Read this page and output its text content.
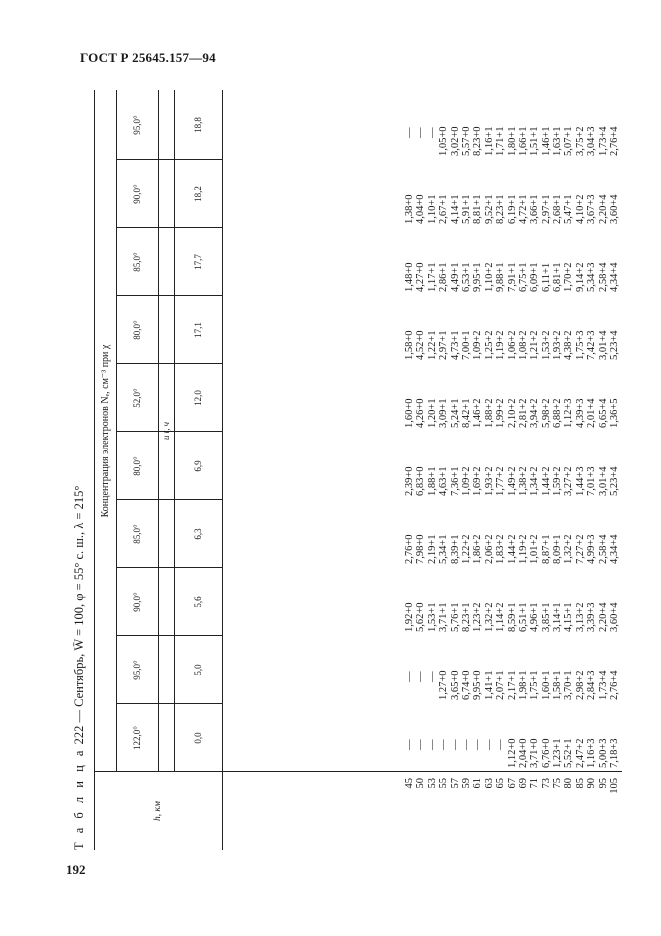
ГОСТ Р 25645.157—94
192
Т а б л и ц а 222 — Сентябрь, W̄ = 100, φ = 55° с. ш., λ = 215°
h, км
Концентрация электронов Nₑ, см⁻³ при χ	и t, ч
122,0°
95,0°
90,0°
85,0°
80,0°
52,0°
80,0°
85,0°
90,0°
95,0°
0,0
5,0
5,6
6,3
6,9
12,0
17,1
17,7
18,2
18,8
45 50 53 55 57 59 61 63 65 67 69 71 73 75 80 85 90 95 105
— — — — — — — — — 1,12+0 2,04+0 3,71+0 6,76+0 1,23+1 5,52+1 2,47+2 1,16+3 5,00+3 7,18+3
— — — 1,27+0 3,65+0 6,74+0 9,95+0 1,41+1 2,07+1 2,17+1 1,98+1 1,75+1 1,60+1 1,58+1 3,70+1 2,98+2 2,84+3 1,73+4 2,76+4
1,92+0 5,62+0 1,53+1 3,71+1 5,76+1 8,23+1 1,23+2 1,32+2 1,14+2 8,59+1 6,51+1 4,96+1 3,85+1 3,14+1 4,15+1 3,13+2 3,39+3 2,20+4 3,60+4
2,76+0 7,98+0 2,19+1 5,34+1 8,39+1 1,22+2 1,86+2 2,06+2 1,83+2 1,44+2 1,19+2 1,01+2 8,87+1 8,09+1 1,32+2 7,27+2 4,99+3 2,58+4 4,34+4
2,39+0 6,83+0 1,88+1 4,63+1 7,36+1 1,09+2 1,69+2 1,93+2 1,77+2 1,49+2 1,38+2 1,34+2 1,44+2 1,59+2 3,27+2 1,44+3 7,01+3 3,01+4 5,23+4
1,60+0 4,26+0 1,20+1 3,09+1 5,24+1 8,42+1 1,46+2 1,88+2 1,99+2 2,10+2 2,81+2 3,94+2 5,98+2 6,88+2 1,12+3 4,39+3 2,01+4 6,65+4 1,36+5
1,58+0 4,52+0 1,22+1 2,97+1 4,73+1 7,00+1 1,09+2 1,25+2 1,19+2 1,06+2 1,08+2 1,21+2 1,53+2 1,93+2 4,38+2 1,75+3 7,42+3 3,01+4 5,23+4
1,48+0 4,27+0 1,17+1 2,86+1 4,49+1 6,53+1 9,95+1 1,10+2 9,88+1 7,91+1 6,75+1 6,09+1 6,11+1 6,81+1 1,70+2 9,14+2 5,34+3 2,58+4 4,34+4
1,38+0 4,04+0 1,10+1 2,67+1 4,14+1 5,91+1 8,81+1 9,52+1 8,23+1 6,19+1 4,72+1 3,66+1 2,97+1 2,68+1 5,47+1 4,10+2 3,67+3 2,20+4 3,60+4
— — — 1,05+0 3,02+0 5,57+0 8,23+0 1,16+1 1,71+1 1,80+1 1,66+1 1,51+1 1,46+1 1,63+1 5,07+1 3,75+2 3,04+3 1,73+4 2,76+4
